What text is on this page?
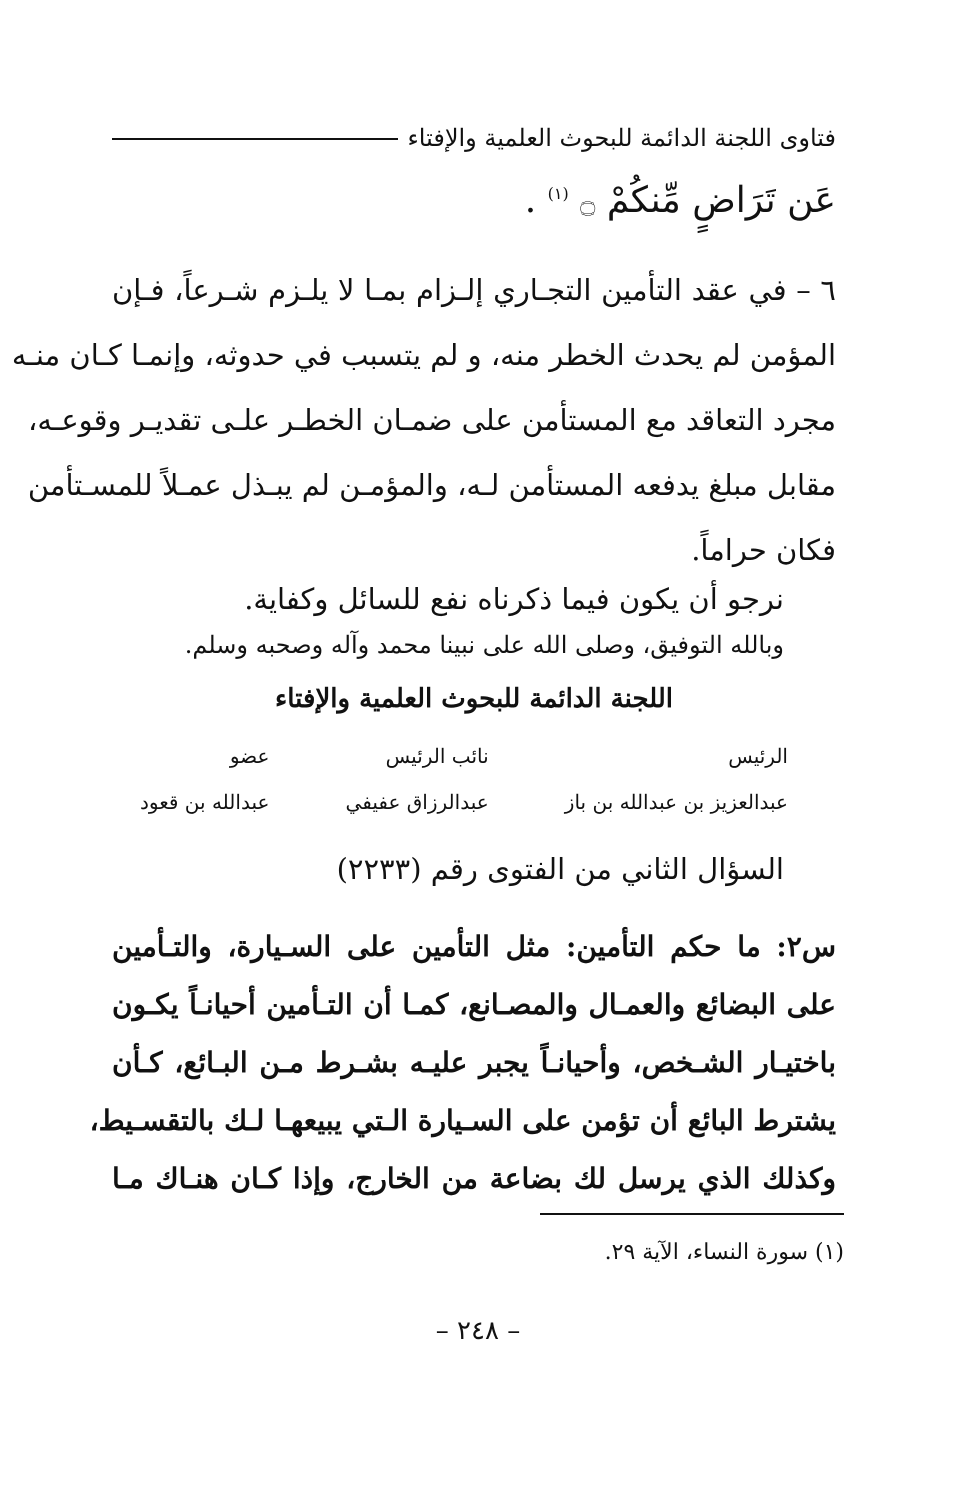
فتاوى اللجنة الدائمة للبحوث العلمية والإفتاء
عَن تَرَاضٍ مِّنكُمْ ۝ $^{(١)}$ .
٦ – في عقد التأمين التجـاري إلـزام بمـا لا يلـزم شـرعاً، فـإن
المؤمن لم يحدث الخطر منه، و لم يتسبب في حدوثه، وإنمـا كـان منـه
مجرد التعاقد مع المستأمن على ضمـان الخطـر علـى تقديـر وقوعـه،
مقابل مبلغ يدفعه المستأمن لـه، والمؤمـن لم يبـذل عمـلاً للمسـتأمن
فكان حراماً.
نرجو أن يكون فيما ذكرناه نفع للسائل وكفاية.
وبالله التوفيق، وصلى الله على نبينا محمد وآله وصحبه وسلم.
اللجنة الدائمة للبحوث العلمية والإفتاء
الرئيس
عبدالعزيز بن عبدالله بن باز
نائب الرئيس
عبدالرزاق عفيفي
عضو
عبدالله بن قعود
السؤال الثاني من الفتوى رقم (٢٢٣٣)
س٢: ما حكم التأمين: مثل التأمين على السـيارة، والتـأمين
على البضائع والعمـال والمصـانع، كمـا أن التـأمين أحيانـاً يكـون
باختيـار الشـخص، وأحيانـاً يجبر عليـه بشـرط مـن البـائع، كـأن
يشترط البائع أن تؤمن على السـيارة الـتي يبيعهـا لـك بالتقسـيط،
وكذلك الذي يرسل لك بضاعة من الخارج، وإذا كـان هنـاك مـا
(١) سورة النساء، الآية ٢٩.
– ٢٤٨ –
